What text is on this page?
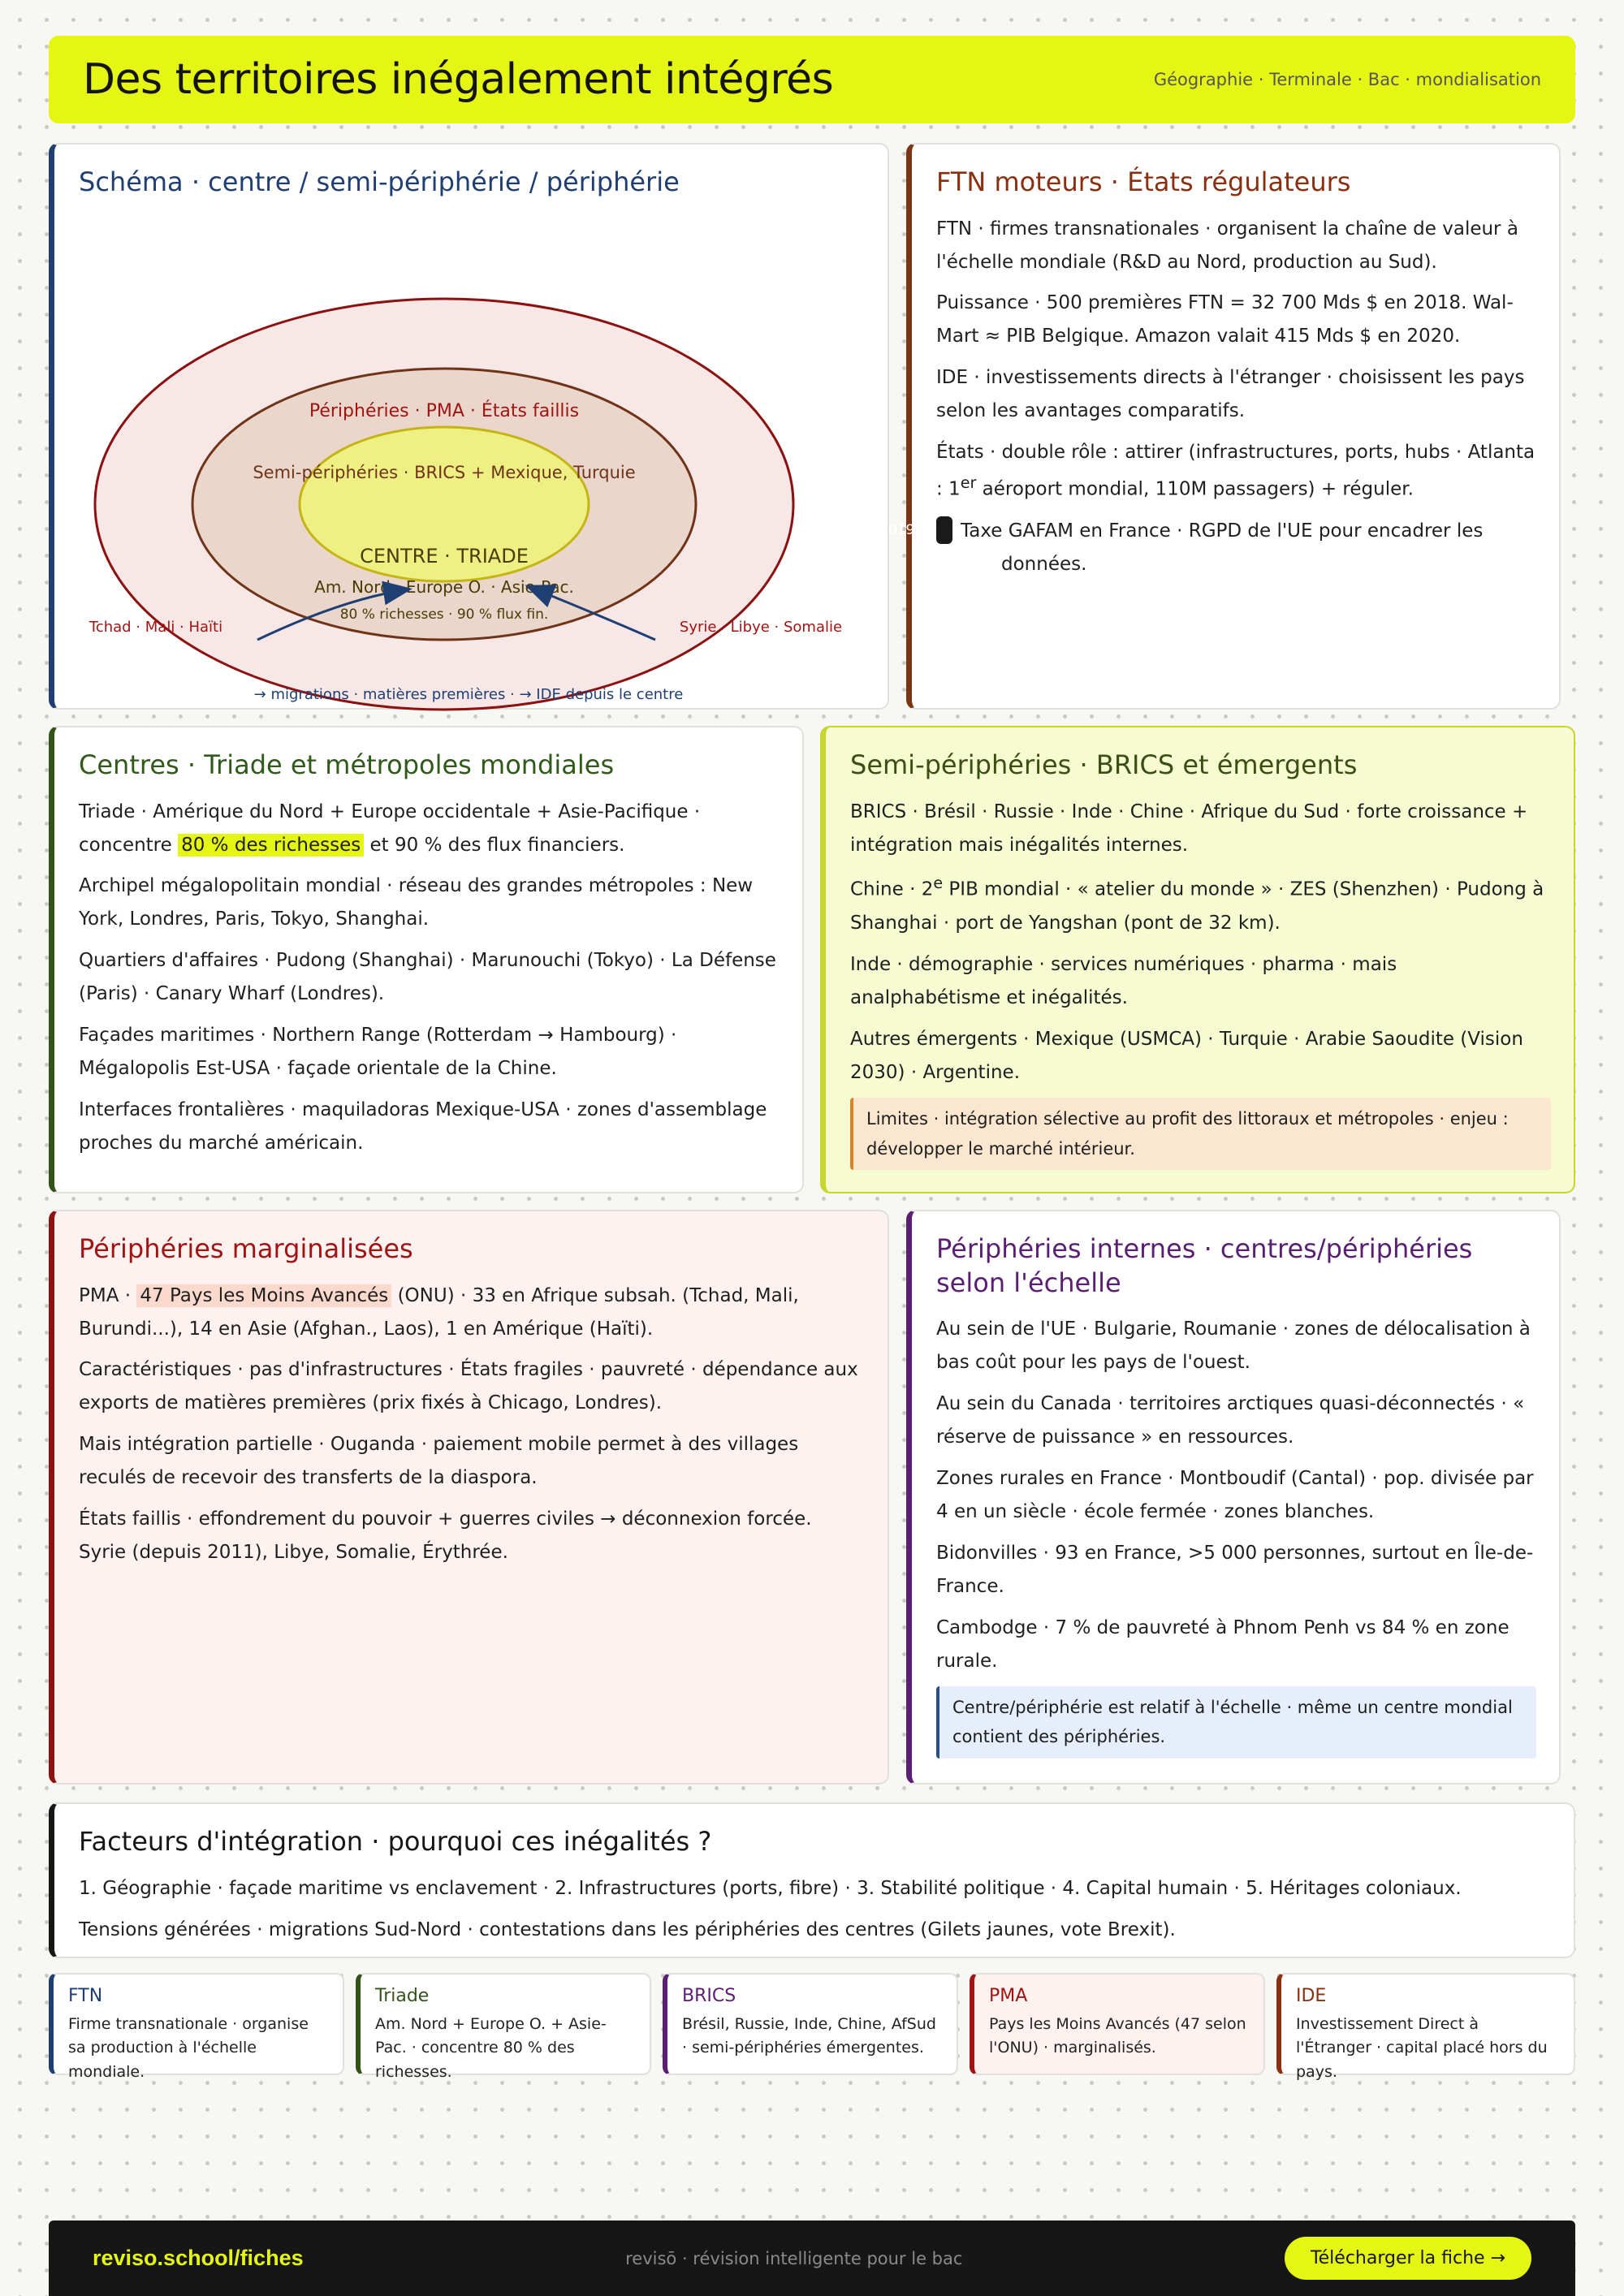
Des territoires inégalement intégrés	Géographie · Terminale · Bac · mondialisation
Schéma · centre / semi-périphérie / périphérie
Périphéries · PMA · États faillis
Semi-périphéries · BRICS + Mexique, Turquie
CENTRE · TRIADE
Am. Nord · Europe O. · Asie-Pac.
80 % richesses · 90 % flux fin.
Tchad · Mali · Haïti	Syrie · Libye · Somalie
→ migrations · matières premières · → IDE depuis le centre
FTN moteurs · États régulateurs

FTN · firmes transnationales · organisent la chaîne de valeur à l'échelle mondiale (R&D au Nord, production au Sud).

Puissance · 500 premières FTN = 32 700 Mds $ en 2018. Wal-Mart ≈ PIB Belgique. Amazon valait 415 Mds $ en 2020.

IDE · investissements directs à l'étranger · choisissent les pays selon les avantages comparatifs.

États · double rôle : attirer (infrastructures, ports, hubs · Atlanta : 1er aéroport mondial, 110M passagers) + réguler.

2019 Taxe GAFAM en France · RGPD de l'UE pour encadrer les données.

Centres · Triade et métropoles mondiales

Triade · Amérique du Nord + Europe occidentale + Asie-Pacifique · concentre 80 % des richesses et 90 % des flux financiers.

Archipel mégalopolitain mondial · réseau des grandes métropoles : New York, Londres, Paris, Tokyo, Shanghai.

Quartiers d'affaires · Pudong (Shanghai) · Marunouchi (Tokyo) · La Défense (Paris) · Canary Wharf (Londres).

Façades maritimes · Northern Range (Rotterdam → Hambourg) · Mégalopolis Est-USA · façade orientale de la Chine.

Interfaces frontalières · maquiladoras Mexique-USA · zones d'assemblage proches du marché américain.

Semi-périphéries · BRICS et émergents

BRICS · Brésil · Russie · Inde · Chine · Afrique du Sud · forte croissance + intégration mais inégalités internes.

Chine · $2^e$ PIB mondial · « atelier du monde » · ZES (Shenzhen) · Pudong à Shanghai · port de Yangshan (pont de 32 km).

Inde · démographie · services numériques · pharma · mais analphabétisme et inégalités.

Autres émergents · Mexique (USMCA) · Turquie · Arabie Saoudite (Vision 2030) · Argentine.

Limites · intégration sélective au profit des littoraux et métropoles · enjeu : développer le marché intérieur.
Périphéries marginalisées

PMA · 47 Pays les Moins Avancés (ONU) · 33 en Afrique subsah. (Tchad, Mali, Burundi...), 14 en Asie (Afghan., Laos), 1 en Amérique (Haïti).

Caractéristiques · pas d'infrastructures · États fragiles · pauvreté · dépendance aux exports de matières premières (prix fixés à Chicago, Londres).

Mais intégration partielle · Ouganda · paiement mobile permet à des villages reculés de recevoir des transferts de la diaspora.

États faillis · effondrement du pouvoir + guerres civiles → déconnexion forcée. Syrie (depuis 2011), Libye, Somalie, Érythrée.

Périphéries internes · centres/périphéries selon l'échelle

Au sein de l'UE · Bulgarie, Roumanie · zones de délocalisation à bas coût pour les pays de l'ouest.

Au sein du Canada · territoires arctiques quasi-déconnectés · « réserve de puissance » en ressources.

Zones rurales en France · Montboudif (Cantal) · pop. divisée par 4 en un siècle · école fermée · zones blanches.

Bidonvilles · 93 en France, >5 000 personnes, surtout en Île-de-France.

Cambodge · 7 % de pauvreté à Phnom Penh vs 84 % en zone rurale.

Centre/périphérie est relatif à l'échelle · même un centre mondial contient des périphéries.
Facteurs d'intégration · pourquoi ces inégalités ?

1. Géographie · façade maritime vs enclavement · 2. Infrastructures (ports, fibre) · 3. Stabilité politique · 4. Capital humain · 5. Héritages coloniaux.

Tensions générées · migrations Sud-Nord · contestations dans les périphéries des centres (Gilets jaunes, vote Brexit).

FTN
Firme transnationale · organise sa production à l'échelle mondiale.
Triade
Am. Nord + Europe O. + Asie-Pac. · concentre 80 % des richesses.
BRICS
Brésil, Russie, Inde, Chine, AfSud · semi-périphéries émergentes.
PMA
Pays les Moins Avancés (47 selon l'ONU) · marginalisés.
IDE
Investissement Direct à l'Étranger · capital placé hors du pays.
reviso.school/fiches	revisō · révision intelligente pour le bac	Télécharger la fiche →
